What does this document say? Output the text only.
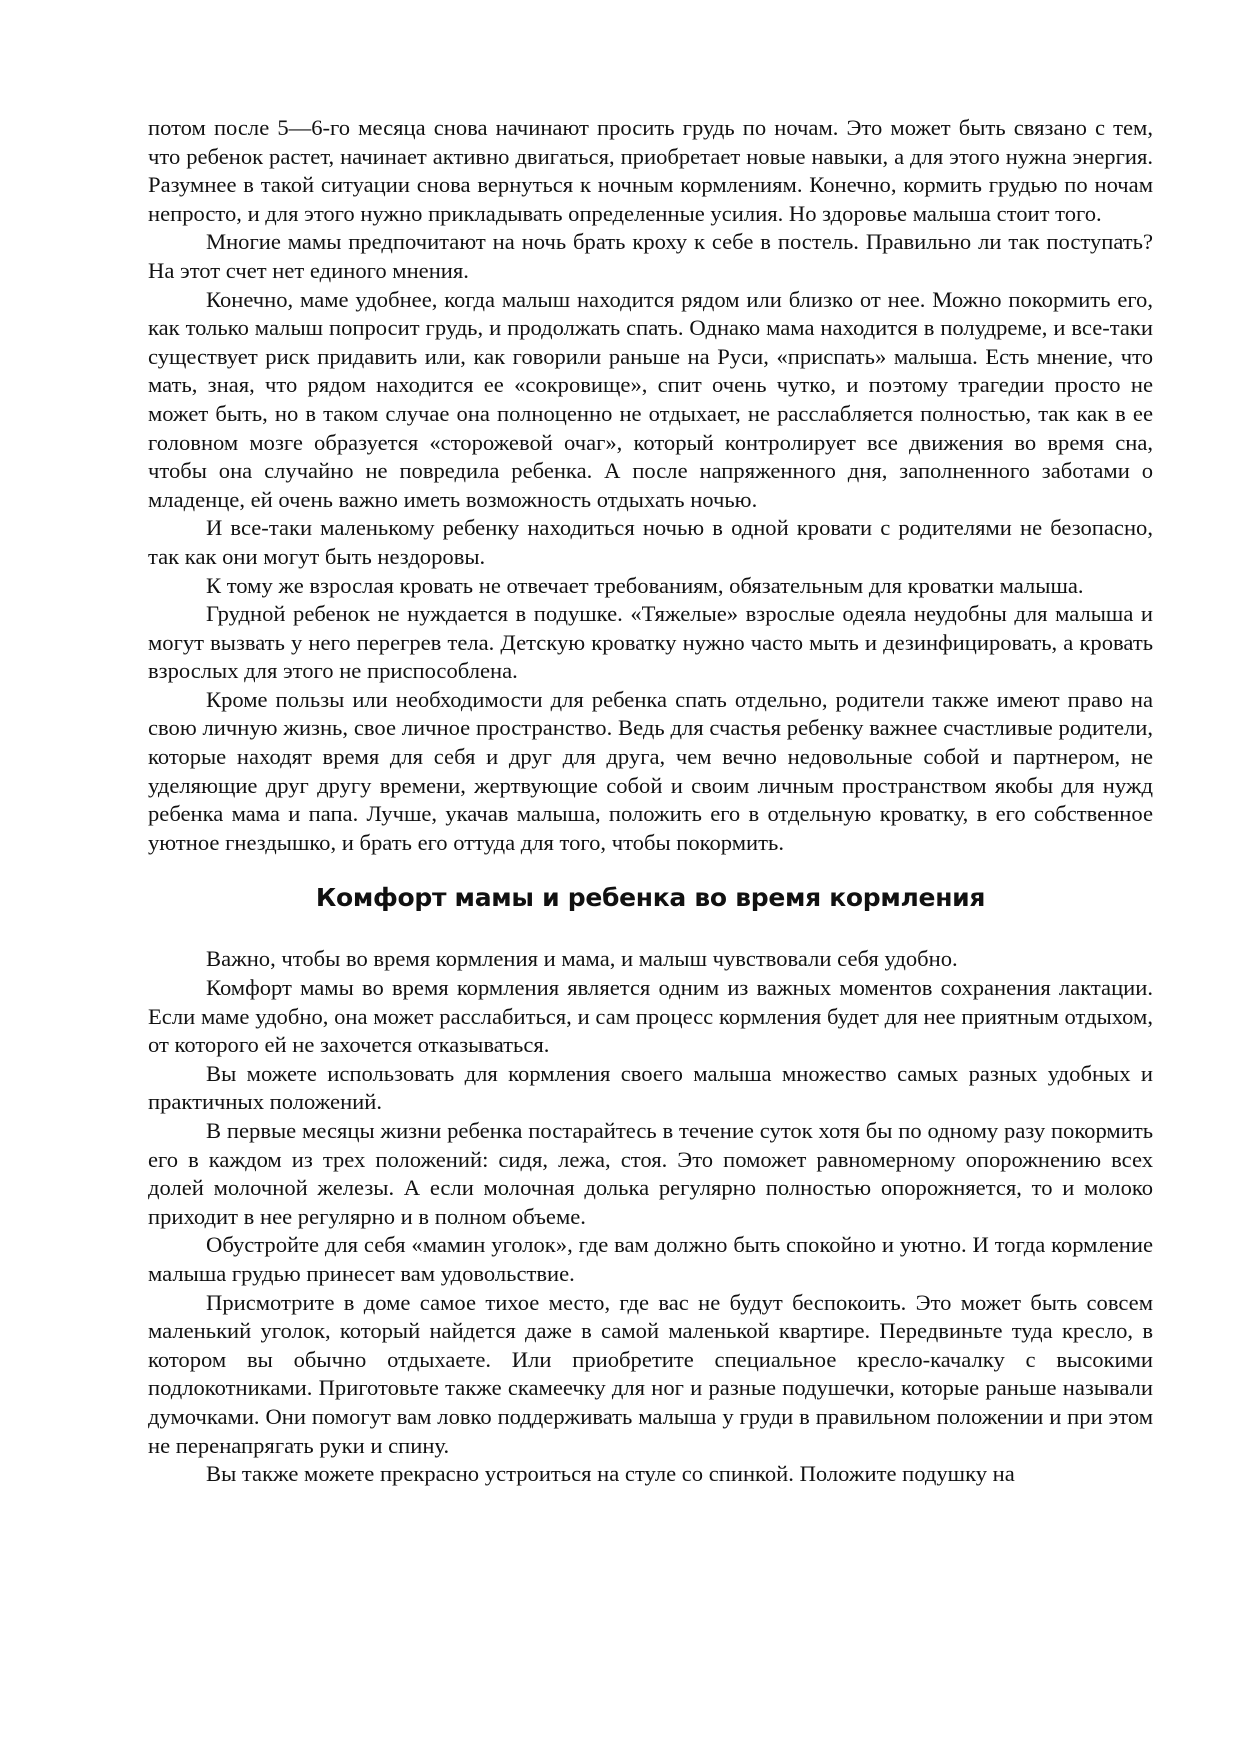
потом после 5—6-го месяца снова начинают просить грудь по ночам. Это может быть связано с тем, что ребенок растет, начинает активно двигаться, приобретает новые навыки, а для этого нужна энергия. Разумнее в такой ситуации снова вернуться к ночным кормлениям. Конечно, кормить грудью по ночам непросто, и для этого нужно прикладывать определенные усилия. Но здоровье малыша стоит того.

Многие мамы предпочитают на ночь брать кроху к себе в постель. Правильно ли так поступать? На этот счет нет единого мнения.

Конечно, маме удобнее, когда малыш находится рядом или близко от нее. Можно покормить его, как только малыш попросит грудь, и продолжать спать. Однако мама находится в полудреме, и все-таки существует риск придавить или, как говорили раньше на Руси, «приспать» малыша. Есть мнение, что мать, зная, что рядом находится ее «сокровище», спит очень чутко, и поэтому трагедии просто не может быть, но в таком случае она полноценно не отдыхает, не расслабляется полностью, так как в ее головном мозге образуется «сторожевой очаг», который контролирует все движения во время сна, чтобы она случайно не повредила ребенка. А после напряженного дня, заполненного заботами о младенце, ей очень важно иметь возможность отдыхать ночью.

И все-таки маленькому ребенку находиться ночью в одной кровати с родителями не безопасно, так как они могут быть нездоровы.

К тому же взрослая кровать не отвечает требованиям, обязательным для кроватки малыша.

Грудной ребенок не нуждается в подушке. «Тяжелые» взрослые одеяла неудобны для малыша и могут вызвать у него перегрев тела. Детскую кроватку нужно часто мыть и дезинфицировать, а кровать взрослых для этого не приспособлена.

Кроме пользы или необходимости для ребенка спать отдельно, родители также имеют право на свою личную жизнь, свое личное пространство. Ведь для счастья ребенку важнее счастливые родители, которые находят время для себя и друг для друга, чем вечно недовольные собой и партнером, не уделяющие друг другу времени, жертвующие собой и своим личным пространством якобы для нужд ребенка мама и папа. Лучше, укачав малыша, положить его в отдельную кроватку, в его собственное уютное гнездышко, и брать его оттуда для того, чтобы покормить.

Комфорт мамы и ребенка во время кормления

Важно, чтобы во время кормления и мама, и малыш чувствовали себя удобно.

Комфорт мамы во время кормления является одним из важных моментов сохранения лактации. Если маме удобно, она может расслабиться, и сам процесс кормления будет для нее приятным отдыхом, от которого ей не захочется отказываться.

Вы можете использовать для кормления своего малыша множество самых разных удобных и практичных положений.

В первые месяцы жизни ребенка постарайтесь в течение суток хотя бы по одному разу покормить его в каждом из трех положений: сидя, лежа, стоя. Это поможет равномерному опорожнению всех долей молочной железы. А если молочная долька регулярно полностью опорожняется, то и молоко приходит в нее регулярно и в полном объеме.

Обустройте для себя «мамин уголок», где вам должно быть спокойно и уютно. И тогда кормление малыша грудью принесет вам удовольствие.

Присмотрите в доме самое тихое место, где вас не будут беспокоить. Это может быть совсем маленький уголок, который найдется даже в самой маленькой квартире. Передвиньте туда кресло, в котором вы обычно отдыхаете. Или приобретите специальное кресло-качалку с высокими подлокотниками. Приготовьте также скамеечку для ног и разные подушечки, которые раньше называли думочками. Они помогут вам ловко поддерживать малыша у груди в правильном положении и при этом не перенапрягать руки и спину.

Вы также можете прекрасно устроиться на стуле со спинкой. Положите подушку на
